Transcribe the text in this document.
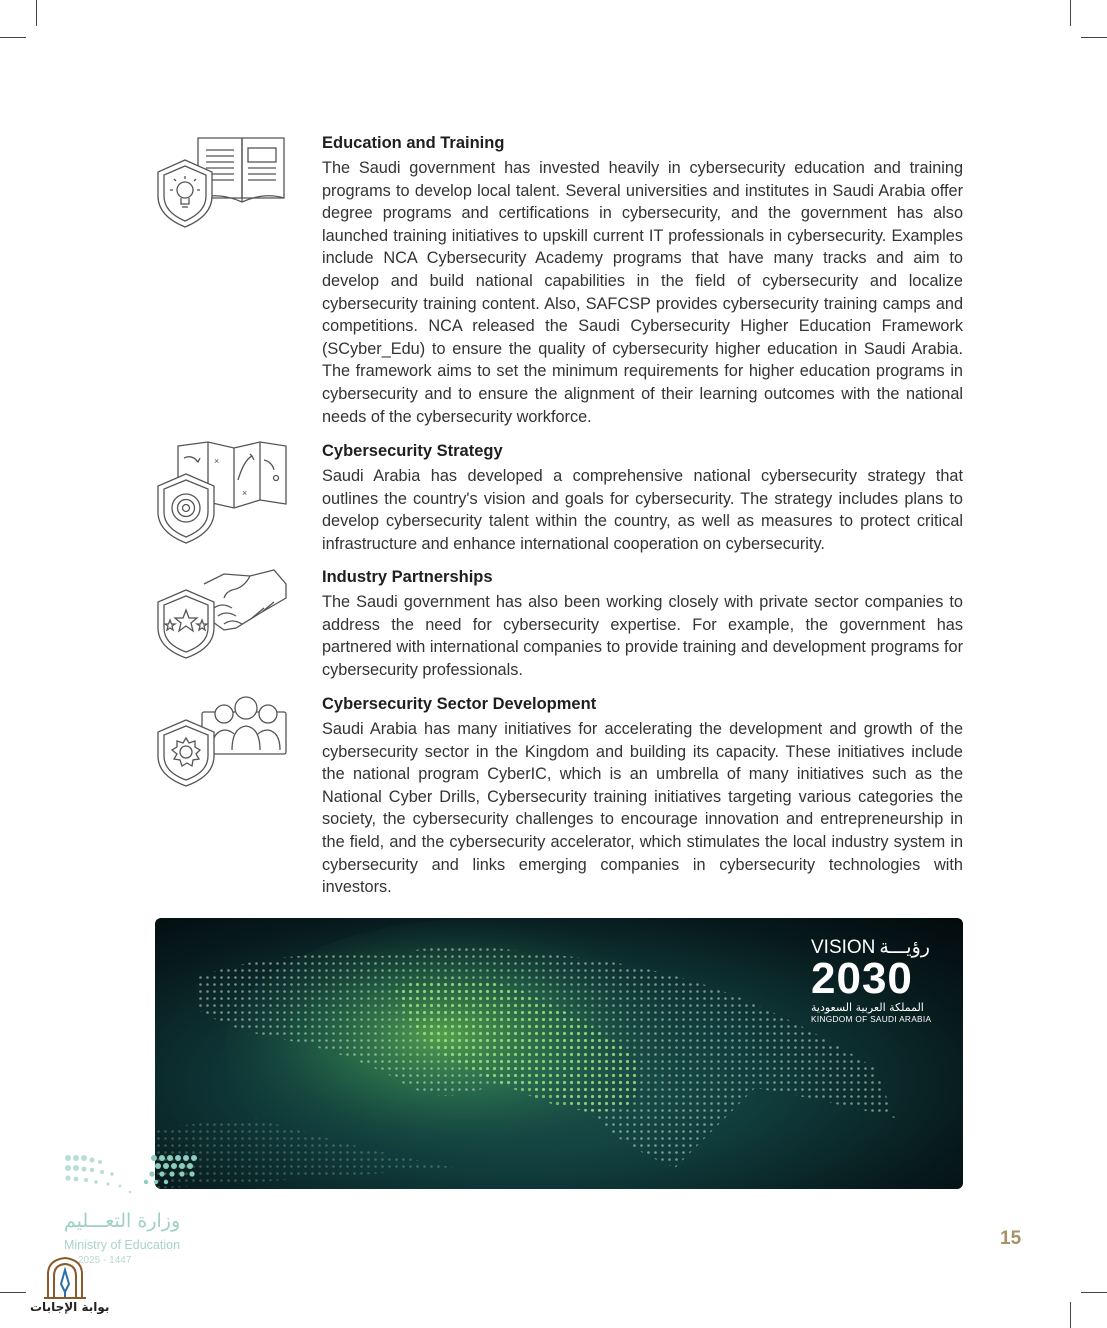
×
×
Education and Training

The Saudi government has invested heavily in cybersecurity education and training programs to develop local talent. Several universities and institutes in Saudi Arabia offer degree programs and certifications in cybersecurity, and the government has also launched training initiatives to upskill current IT professionals in cybersecurity. Examples include NCA Cybersecurity Academy programs that have many tracks and aim to develop and build national capabilities in the field of cybersecurity and localize cybersecurity training content. Also, SAFCSP provides cybersecurity training camps and competitions. NCA released the Saudi Cybersecurity Higher Education Framework (SCyber_Edu) to ensure the quality of cybersecurity higher education in Saudi Arabia. The framework aims to set the minimum requirements for higher education programs in cybersecurity and to ensure the alignment of their learning outcomes with the national needs of the cybersecurity workforce.

Cybersecurity Strategy

Saudi Arabia has developed a comprehensive national cybersecurity strategy that outlines the country's vision and goals for cybersecurity. The strategy includes plans to develop cybersecurity talent within the country, as well as measures to protect critical infrastructure and enhance international cooperation on cybersecurity.

Industry Partnerships

The Saudi government has also been working closely with private sector companies to address the need for cybersecurity expertise. For example, the government has partnered with international companies to provide training and development programs for cybersecurity professionals.

Cybersecurity Sector Development

Saudi Arabia has many initiatives for accelerating the development and growth of the cybersecurity sector in the Kingdom and building its capacity. These initiatives include the national program CyberIC, which is an umbrella of many initiatives such as the National Cyber Drills, Cybersecurity training initiatives targeting various categories the society, the cybersecurity challenges to encourage innovation and entrepreneurship in the field, and the cybersecurity accelerator, which stimulates the local industry system in cybersecurity and links emerging companies in cybersecurity technologies with investors.

VISION رؤيـــة
2030
المملكة العربية السعودية
KINGDOM OF SAUDI ARABIA
وزارة التعـــليم
Ministry of Education
2025 - 1447
بوابة الإجابات
15
